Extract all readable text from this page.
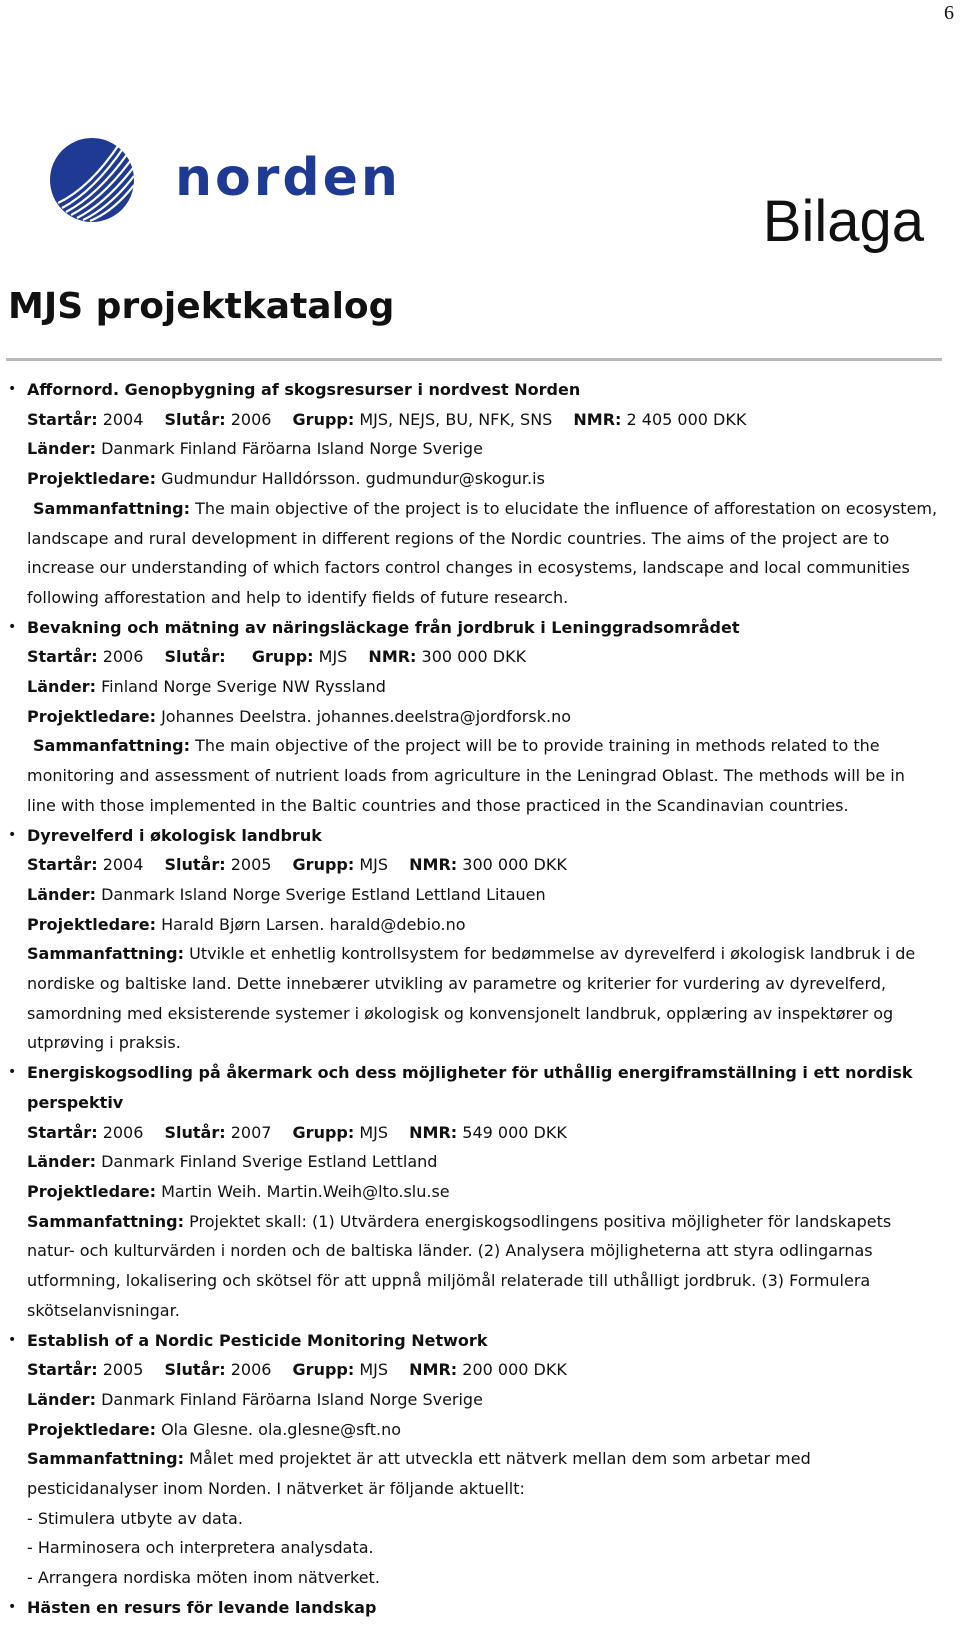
6
norden
Bilaga
MJS projektkatalog
• Affornord. Genopbygning af skogsresurser i nordvest Norden
Startår: 2004 Slutår: 2006 Grupp: MJS, NEJS, BU, NFK, SNS NMR: 2 405 000 DKK
Länder: Danmark Finland Färöarna Island Norge Sverige
Projektledare: Gudmundur Halldórsson. gudmundur@skogur.is
Sammanfattning: The main objective of the project is to elucidate the influence of afforestation on ecosystem, landscape and rural development in different regions of the Nordic countries. The aims of the project are to increase our understanding of which factors control changes in ecosystems, landscape and local communities following afforestation and help to identify fields of future research.
• Bevakning och mätning av näringsläckage från jordbruk i Leninggradsområdet
Startår: 2006 Slutår: Grupp: MJS NMR: 300 000 DKK
Länder: Finland Norge Sverige NW Ryssland
Projektledare: Johannes Deelstra. johannes.deelstra@jordforsk.no
Sammanfattning: The main objective of the project will be to provide training in methods related to the monitoring and assessment of nutrient loads from agriculture in the Leningrad Oblast. The methods will be in line with those implemented in the Baltic countries and those practiced in the Scandinavian countries.
• Dyrevelferd i økologisk landbruk
Startår: 2004 Slutår: 2005 Grupp: MJS NMR: 300 000 DKK
Länder: Danmark Island Norge Sverige Estland Lettland Litauen
Projektledare: Harald Bjørn Larsen. harald@debio.no
Sammanfattning: Utvikle et enhetlig kontrollsystem for bedømmelse av dyrevelferd i økologisk landbruk i de nordiske og baltiske land. Dette innebærer utvikling av parametre og kriterier for vurdering av dyrevelferd, samordning med eksisterende systemer i økologisk og konvensjonelt landbruk, opplæring av inspektører og utprøving i praksis.
• Energiskogsodling på åkermark och dess möjligheter för uthållig energiframställning i ett nordisk perspektiv
Startår: 2006 Slutår: 2007 Grupp: MJS NMR: 549 000 DKK
Länder: Danmark Finland Sverige Estland Lettland
Projektledare: Martin Weih. Martin.Weih@lto.slu.se
Sammanfattning: Projektet skall: (1) Utvärdera energiskogsodlingens positiva möjligheter för landskapets natur- och kulturvärden i norden och de baltiska länder. (2) Analysera möjligheterna att styra odlingarnas utformning, lokalisering och skötsel för att uppnå miljömål relaterade till uthålligt jordbruk. (3) Formulera skötselanvisningar.
• Establish of a Nordic Pesticide Monitoring Network
Startår: 2005 Slutår: 2006 Grupp: MJS NMR: 200 000 DKK
Länder: Danmark Finland Färöarna Island Norge Sverige
Projektledare: Ola Glesne. ola.glesne@sft.no
Sammanfattning: Målet med projektet är att utveckla ett nätverk mellan dem som arbetar med pesticidanalyser inom Norden. I nätverket är följande aktuellt:
- Stimulera utbyte av data.
- Harminosera och interpretera analysdata.
- Arrangera nordiska möten inom nätverket.
• Hästen en resurs för levande landskap
